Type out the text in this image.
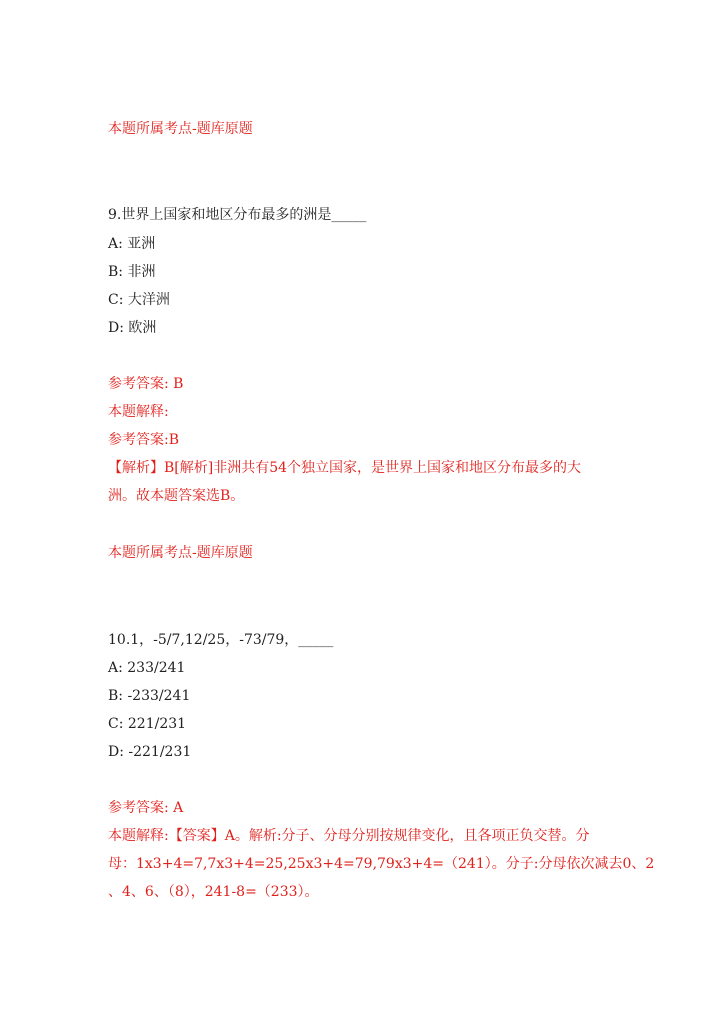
本题所属考点-题库原题
9.世界上国家和地区分布最多的洲是_____
A: 亚洲
B: 非洲
C: 大洋洲
D: 欧洲
参考答案: B
本题解释:
参考答案:B
【解析】B[解析]非洲共有54个独立国家，是世界上国家和地区分布最多的大
洲。故本题答案选B。
本题所属考点-题库原题
10.1，-5/7,12/25，-73/79，_____
A: 233/241
B: -233/241
C: 221/231
D: -221/231
参考答案: A
本题解释:【答案】A。解析:分子、分母分别按规律变化，且各项正负交替。分
母：1x3+4=7,7x3+4=25,25x3+4=79,79x3+4=（241）。分子:分母依次减去0、2
、4、6、（8），241-8=（233）。
